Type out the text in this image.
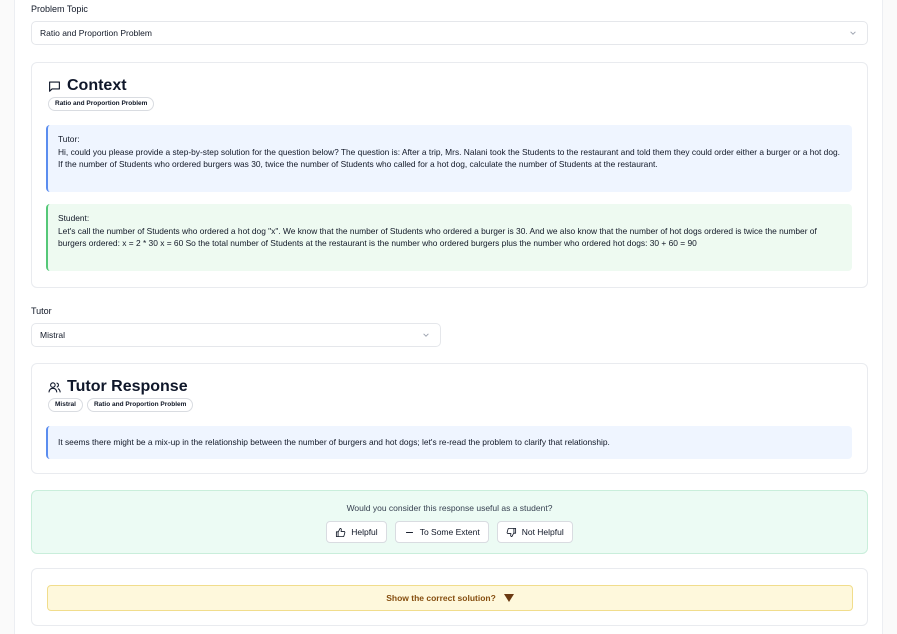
Problem Topic
Ratio and Proportion Problem
Context
Ratio and Proportion Problem
Tutor:
Hi, could you please provide a step-by-step solution for the question below? The question is: After a trip, Mrs. Nalani took the Students to the restaurant and told them they could order either a burger or a hot dog. If the number of Students who ordered burgers was 30, twice the number of Students who called for a hot dog, calculate the number of Students at the restaurant.
Student:
Let's call the number of Students who ordered a hot dog "x". We know that the number of Students who ordered a burger is 30. And we also know that the number of hot dogs ordered is twice the number of burgers ordered: x = 2 * 30 x = 60 So the total number of Students at the restaurant is the number who ordered burgers plus the number who ordered hot dogs: 30 + 60 = 90
Tutor
Mistral
Tutor Response
Mistral	Ratio and Proportion Problem
It seems there might be a mix-up in the relationship between the number of burgers and hot dogs; let's re-read the problem to clarify that relationship.
Would you consider this response useful as a student?
Helpful	To Some Extent	Not Helpful
Show the correct solution?
